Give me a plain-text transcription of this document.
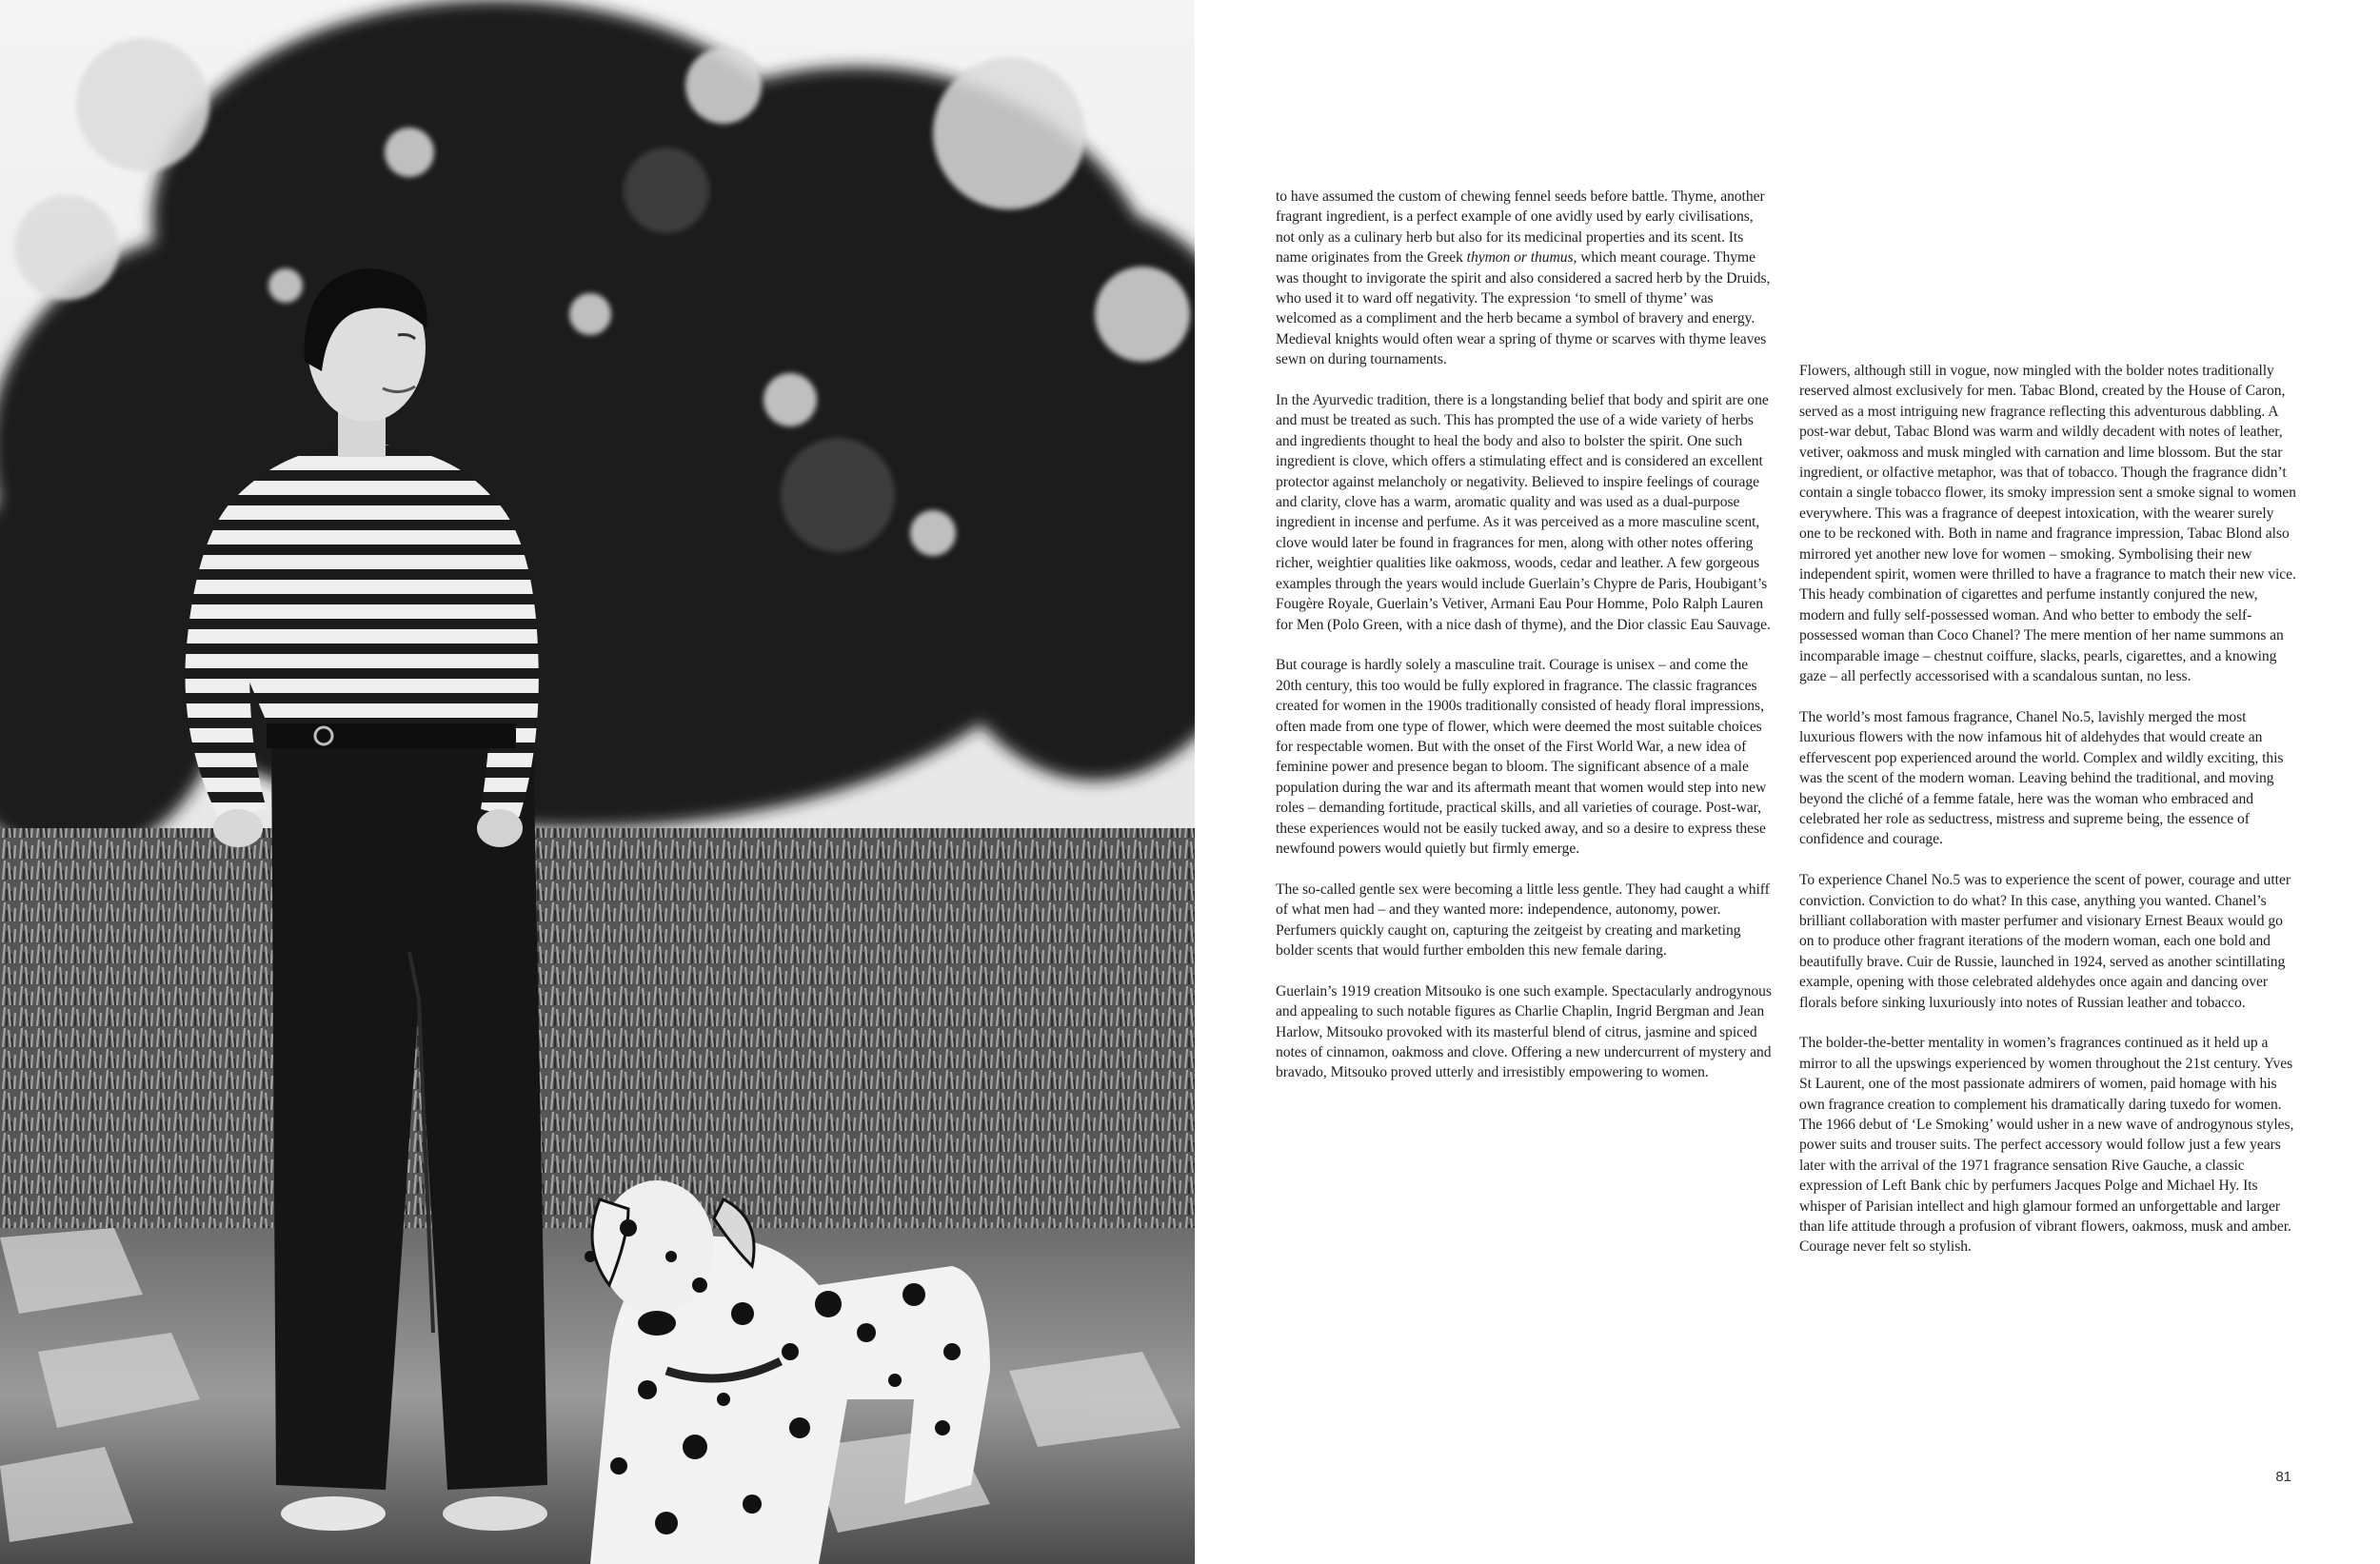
to have assumed the custom of chewing fennel seeds before battle. Thyme, another fragrant ingredient, is a perfect example of one avidly used by early civilisations, not only as a culinary herb but also for its medicinal properties and its scent. Its name originates from the Greek thymon or thumus, which meant courage. Thyme was thought to invigorate the spirit and also considered a sacred herb by the Druids, who used it to ward off negativity. The expression ‘to smell of thyme’ was welcomed as a compliment and the herb became a symbol of bravery and energy. Medieval knights would often wear a spring of thyme or scarves with thyme leaves sewn on during tournaments.

In the Ayurvedic tradition, there is a longstanding belief that body and spirit are one and must be treated as such. This has prompted the use of a wide variety of herbs and ingredients thought to heal the body and also to bolster the spirit. One such ingredient is clove, which offers a stimulating effect and is considered an excellent protector against melancholy or negativity. Believed to inspire feelings of courage and clarity, clove has a warm, aromatic quality and was used as a dual-purpose ingredient in incense and perfume. As it was perceived as a more masculine scent, clove would later be found in fragrances for men, along with other notes offering richer, weightier qualities like oakmoss, woods, cedar and leather. A few gorgeous examples through the years would include Guerlain’s Chypre de Paris, Houbigant’s Fougère Royale, Guerlain’s Vetiver, Armani Eau Pour Homme, Polo Ralph Lauren for Men (Polo Green, with a nice dash of thyme), and the Dior classic Eau Sauvage.

But courage is hardly solely a masculine trait. Courage is unisex – and come the 20th century, this too would be fully explored in fragrance. The classic fragrances created for women in the 1900s traditionally consisted of heady floral impressions, often made from one type of flower, which were deemed the most suitable choices for respectable women. But with the onset of the First World War, a new idea of feminine power and presence began to bloom. The significant absence of a male population during the war and its aftermath meant that women would step into new roles – demanding fortitude, practical skills, and all varieties of courage. Post-war, these experiences would not be easily tucked away, and so a desire to express these newfound powers would quietly but firmly emerge.

The so-called gentle sex were becoming a little less gentle. They had caught a whiff of what men had – and they wanted more: independence, autonomy, power. Perfumers quickly caught on, capturing the zeitgeist by creating and marketing bolder scents that would further embolden this new female daring.

Guerlain’s 1919 creation Mitsouko is one such example. Spectacularly androgynous and appealing to such notable figures as Charlie Chaplin, Ingrid Bergman and Jean Harlow, Mitsouko provoked with its masterful blend of citrus, jasmine and spiced notes of cinnamon, oakmoss and clove. Offering a new undercurrent of mystery and bravado, Mitsouko proved utterly and irresistibly empowering to women.

Flowers, although still in vogue, now mingled with the bolder notes traditionally reserved almost exclusively for men. Tabac Blond, created by the House of Caron, served as a most intriguing new fragrance reflecting this adventurous dabbling. A post-war debut, Tabac Blond was warm and wildly decadent with notes of leather, vetiver, oakmoss and musk mingled with carnation and lime blossom. But the star ingredient, or olfactive metaphor, was that of tobacco. Though the fragrance didn’t contain a single tobacco flower, its smoky impression sent a smoke signal to women everywhere. This was a fragrance of deepest intoxication, with the wearer surely one to be reckoned with. Both in name and fragrance impression, Tabac Blond also mirrored yet another new love for women – smoking. Symbolising their new independent spirit, women were thrilled to have a fragrance to match their new vice. This heady combination of cigarettes and perfume instantly conjured the new, modern and fully self-possessed woman. And who better to embody the self-possessed woman than Coco Chanel? The mere mention of her name summons an incomparable image – chestnut coiffure, slacks, pearls, cigarettes, and a knowing gaze – all perfectly accessorised with a scandalous suntan, no less.

The world’s most famous fragrance, Chanel No.5, lavishly merged the most luxurious flowers with the now infamous hit of aldehydes that would create an effervescent pop experienced around the world. Complex and wildly exciting, this was the scent of the modern woman. Leaving behind the traditional, and moving beyond the cliché of a femme fatale, here was the woman who embraced and celebrated her role as seductress, mistress and supreme being, the essence of confidence and courage.

To experience Chanel No.5 was to experience the scent of power, courage and utter conviction. Conviction to do what? In this case, anything you wanted. Chanel’s brilliant collaboration with master perfumer and visionary Ernest Beaux would go on to produce other fragrant iterations of the modern woman, each one bold and beautifully brave. Cuir de Russie, launched in 1924, served as another scintillating example, opening with those celebrated aldehydes once again and dancing over florals before sinking luxuriously into notes of Russian leather and tobacco.

The bolder-the-better mentality in women’s fragrances continued as it held up a mirror to all the upswings experienced by women throughout the 21st century. Yves St Laurent, one of the most passionate admirers of women, paid homage with his own fragrance creation to complement his dramatically daring tuxedo for women. The 1966 debut of ‘Le Smoking’ would usher in a new wave of androgynous styles, power suits and trouser suits. The perfect accessory would follow just a few years later with the arrival of the 1971 fragrance sensation Rive Gauche, a classic expression of Left Bank chic by perfumers Jacques Polge and Michael Hy. Its whisper of Parisian intellect and high glamour formed an unforgettable and larger than life attitude through a profusion of vibrant flowers, oakmoss, musk and amber. Courage never felt so stylish.

81
